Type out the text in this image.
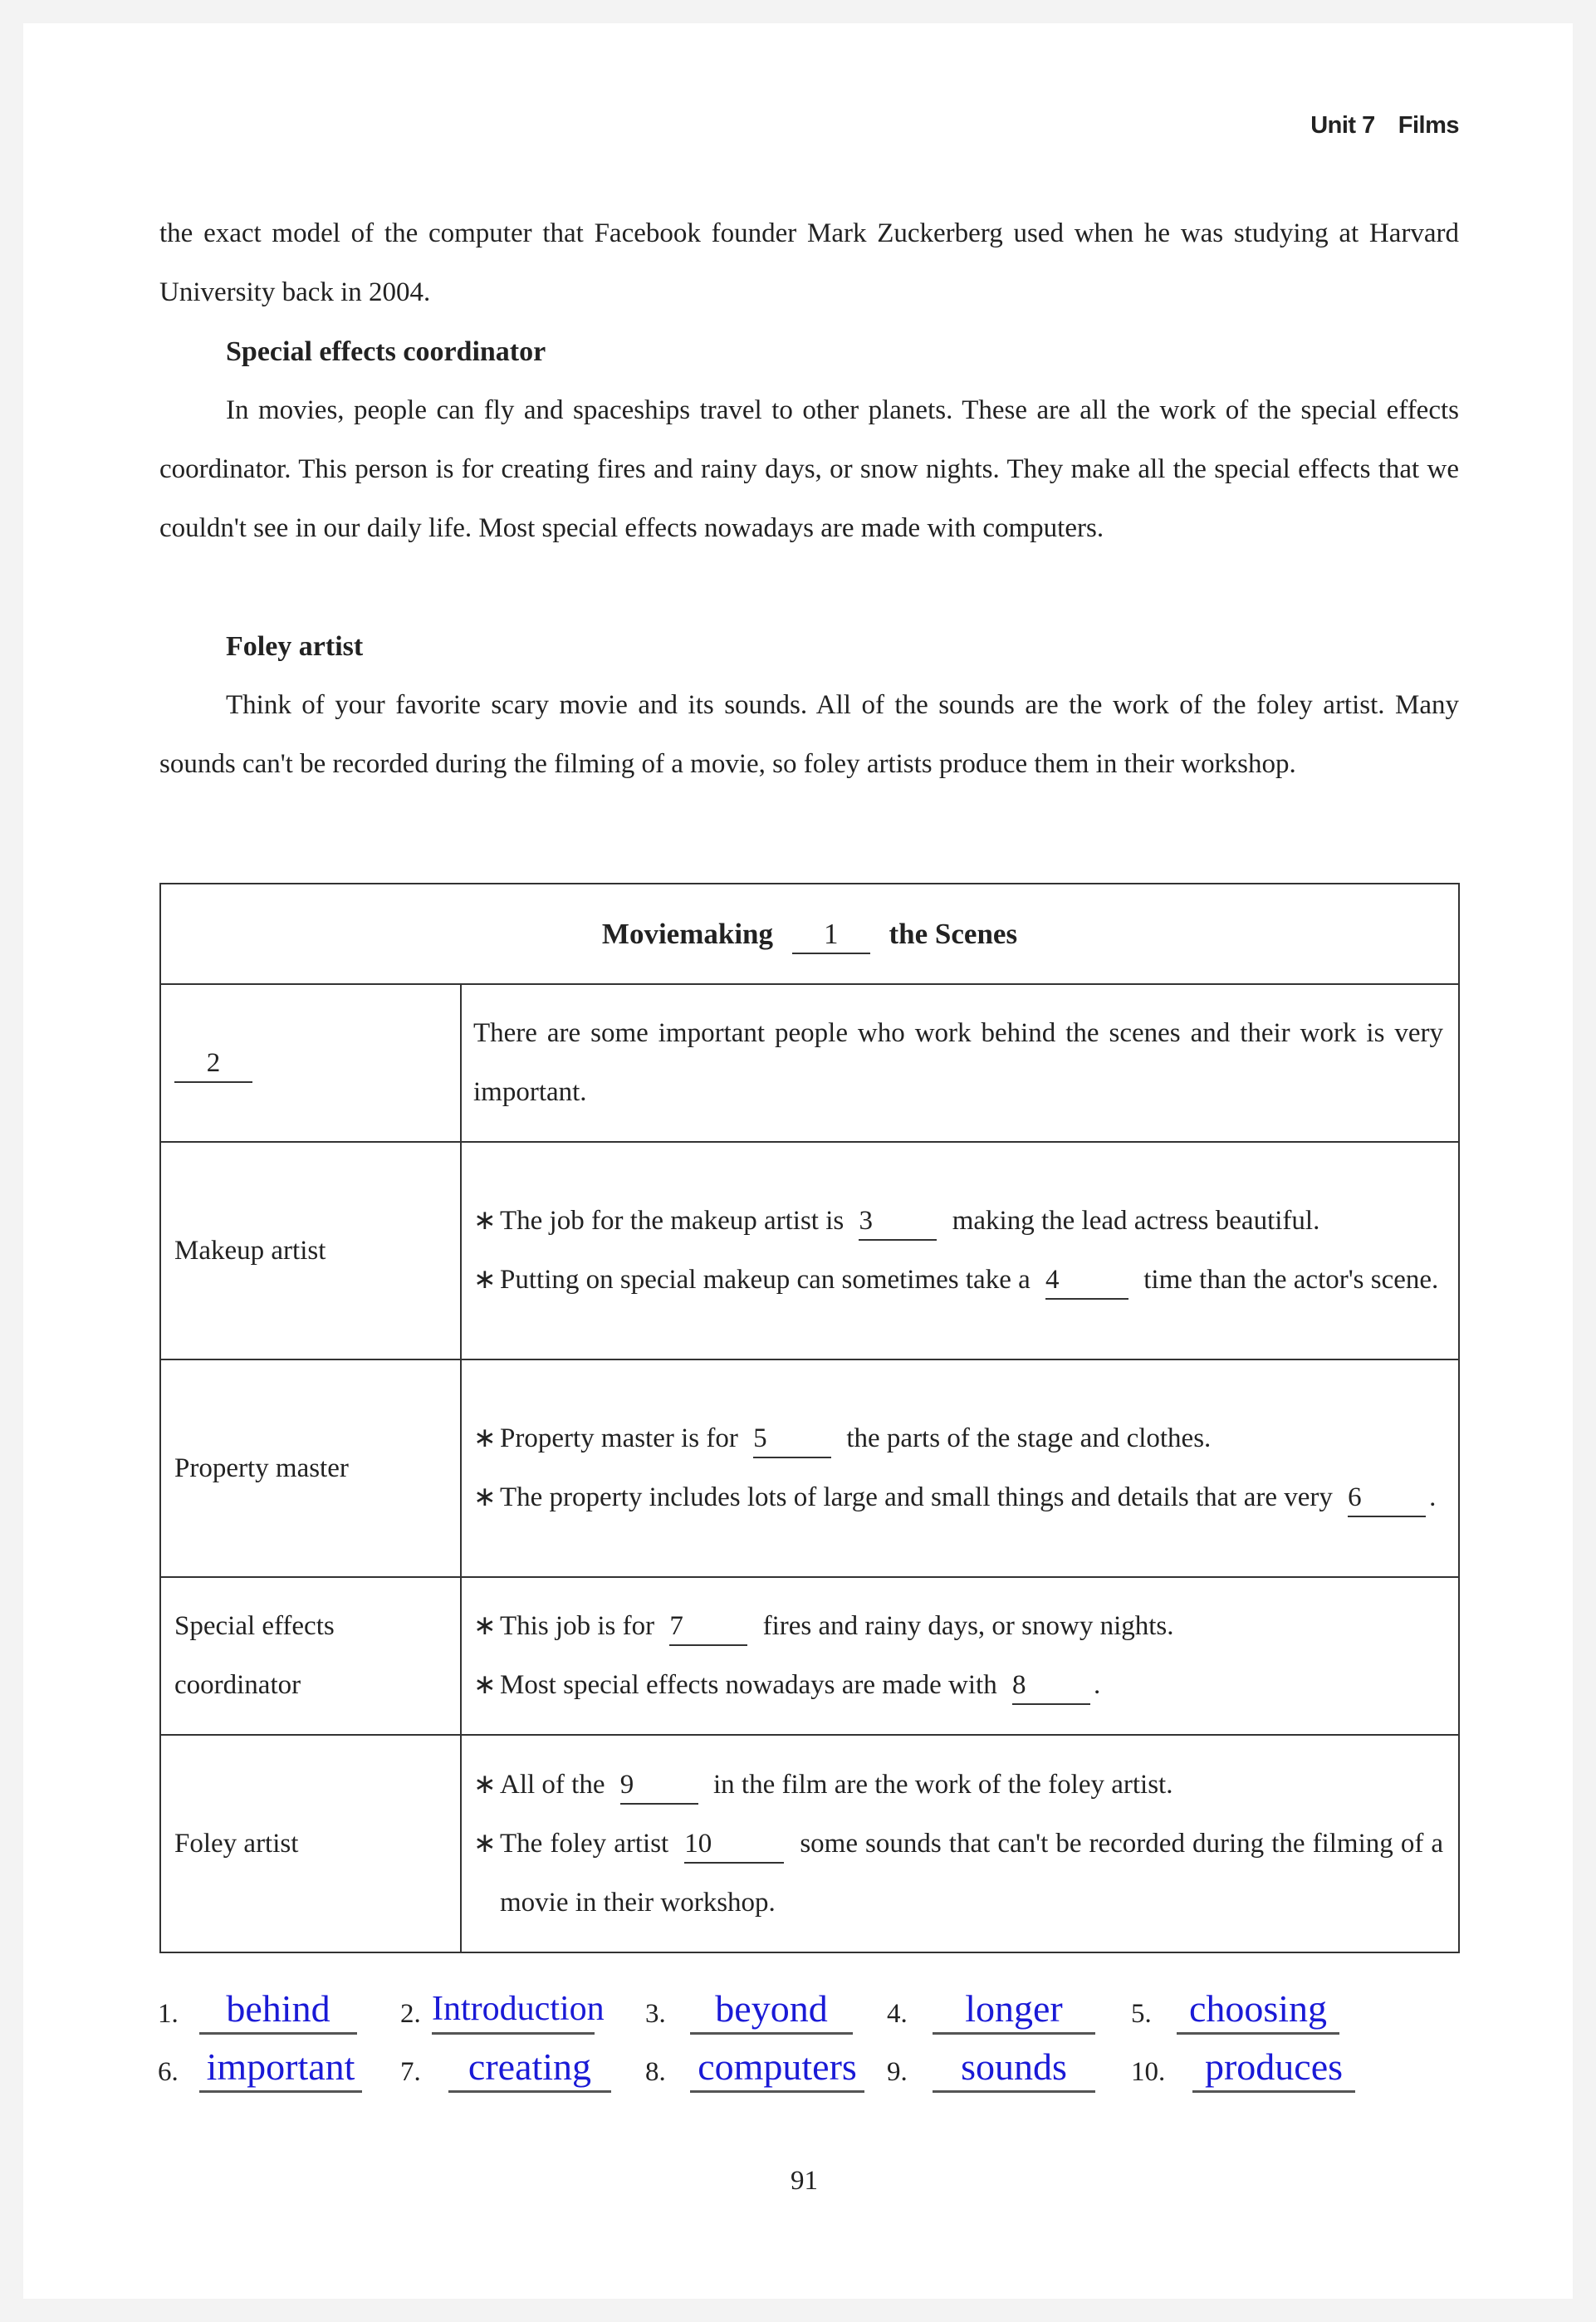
Unit 7 Films
the exact model of the computer that Facebook founder Mark Zuckerberg used when he was studying at Harvard University back in 2004.
Special effects coordinator
In movies, people can fly and spaceships travel to other planets. These are all the work of the special effects coordinator. This person is for creating fires and rainy days, or snow nights. They make all the special effects that we couldn't see in our daily life. Most special effects nowadays are made with computers.
Foley artist
Think of your favorite scary movie and its sounds. All of the sounds are the work of the foley artist. Many sounds can't be recorded during the filming of a movie, so foley artists produce them in their workshop.
Moviemaking 1 the Scenes	
2	There are some important people who work behind the scenes and their work is very important.
Makeup artist	∗ The job for the makeup artist is 3 making the lead actress beautiful.
∗ Putting on special makeup can sometimes take a 4 time than the actor's scene.

Property master	∗ Property master is for 5 the parts of the stage and clothes.
∗ The property includes lots of large and small things and details that are very 6 .

Special effects coordinator	∗ This job is for 7 fires and rainy days, or snowy nights.
∗ Most special effects nowadays are made with 8 .

Foley artist	∗ All of the 9 in the film are the work of the foley artist.
∗ The foley artist 10 some sounds that can't be recorded during the filming of a movie in their workshop.
1.	behind	2. Introduction 3.	beyond	4.	longer	5. choosing
6. important 7.	creating	8. computers 9.	sounds	10.	produces
91
